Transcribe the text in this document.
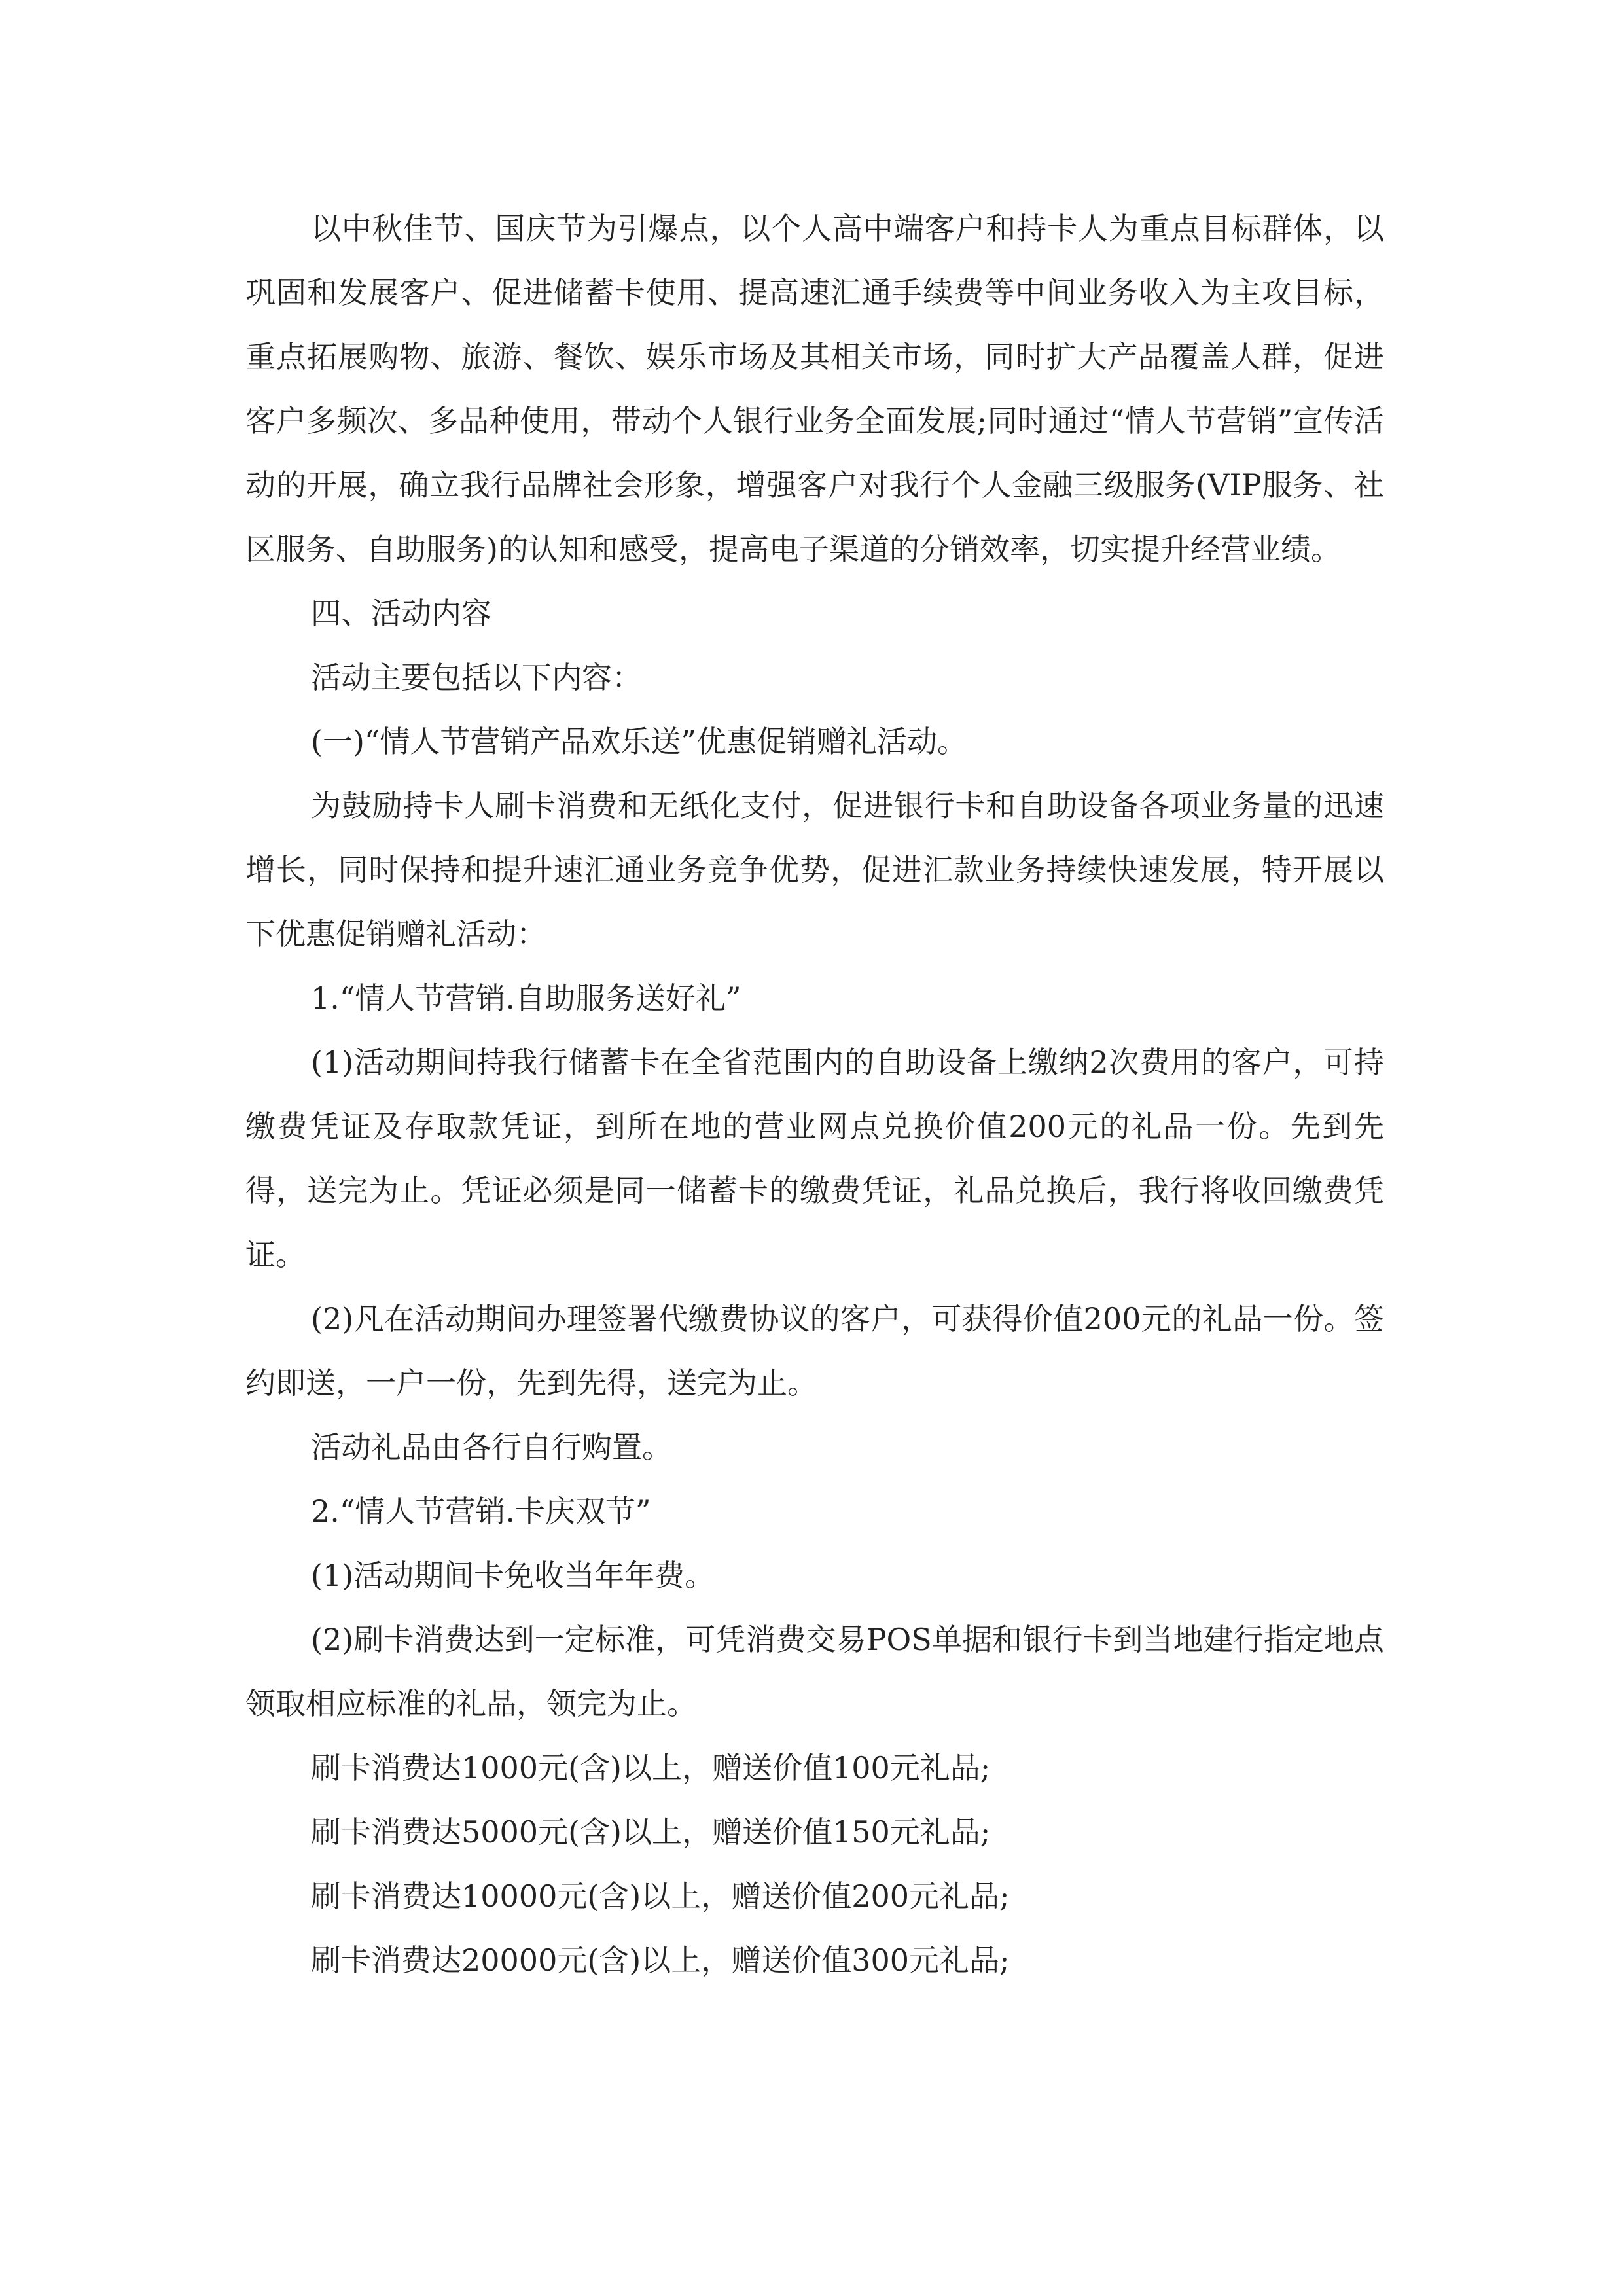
以中秋佳节、国庆节为引爆点，以个人高中端客户和持卡人为重点目标群体，以巩固和发展客户、促进储蓄卡使用、提高速汇通手续费等中间业务收入为主攻目标，重点拓展购物、旅游、餐饮、娱乐市场及其相关市场，同时扩大产品覆盖人群，促进客户多频次、多品种使用，带动个人银行业务全面发展;同时通过“情人节营销”宣传活动的开展，确立我行品牌社会形象，增强客户对我行个人金融三级服务(VIP服务、社区服务、自助服务)的认知和感受，提高电子渠道的分销效率，切实提升经营业绩。

四、活动内容

活动主要包括以下内容：

(一)“情人节营销产品欢乐送”优惠促销赠礼活动。

为鼓励持卡人刷卡消费和无纸化支付，促进银行卡和自助设备各项业务量的迅速增长，同时保持和提升速汇通业务竞争优势，促进汇款业务持续快速发展，特开展以下优惠促销赠礼活动：

1.“情人节营销.自助服务送好礼”

(1)活动期间持我行储蓄卡在全省范围内的自助设备上缴纳2次费用的客户，可持缴费凭证及存取款凭证，到所在地的营业网点兑换价值200元的礼品一份。先到先得，送完为止。凭证必须是同一储蓄卡的缴费凭证，礼品兑换后，我行将收回缴费凭证。

(2)凡在活动期间办理签署代缴费协议的客户，可获得价值200元的礼品一份。签约即送，一户一份，先到先得，送完为止。

活动礼品由各行自行购置。

2.“情人节营销.卡庆双节”

(1)活动期间卡免收当年年费。

(2)刷卡消费达到一定标准，可凭消费交易POS单据和银行卡到当地建行指定地点领取相应标准的礼品，领完为止。

刷卡消费达1000元(含)以上，赠送价值100元礼品;

刷卡消费达5000元(含)以上，赠送价值150元礼品;

刷卡消费达10000元(含)以上，赠送价值200元礼品;

刷卡消费达20000元(含)以上，赠送价值300元礼品;
